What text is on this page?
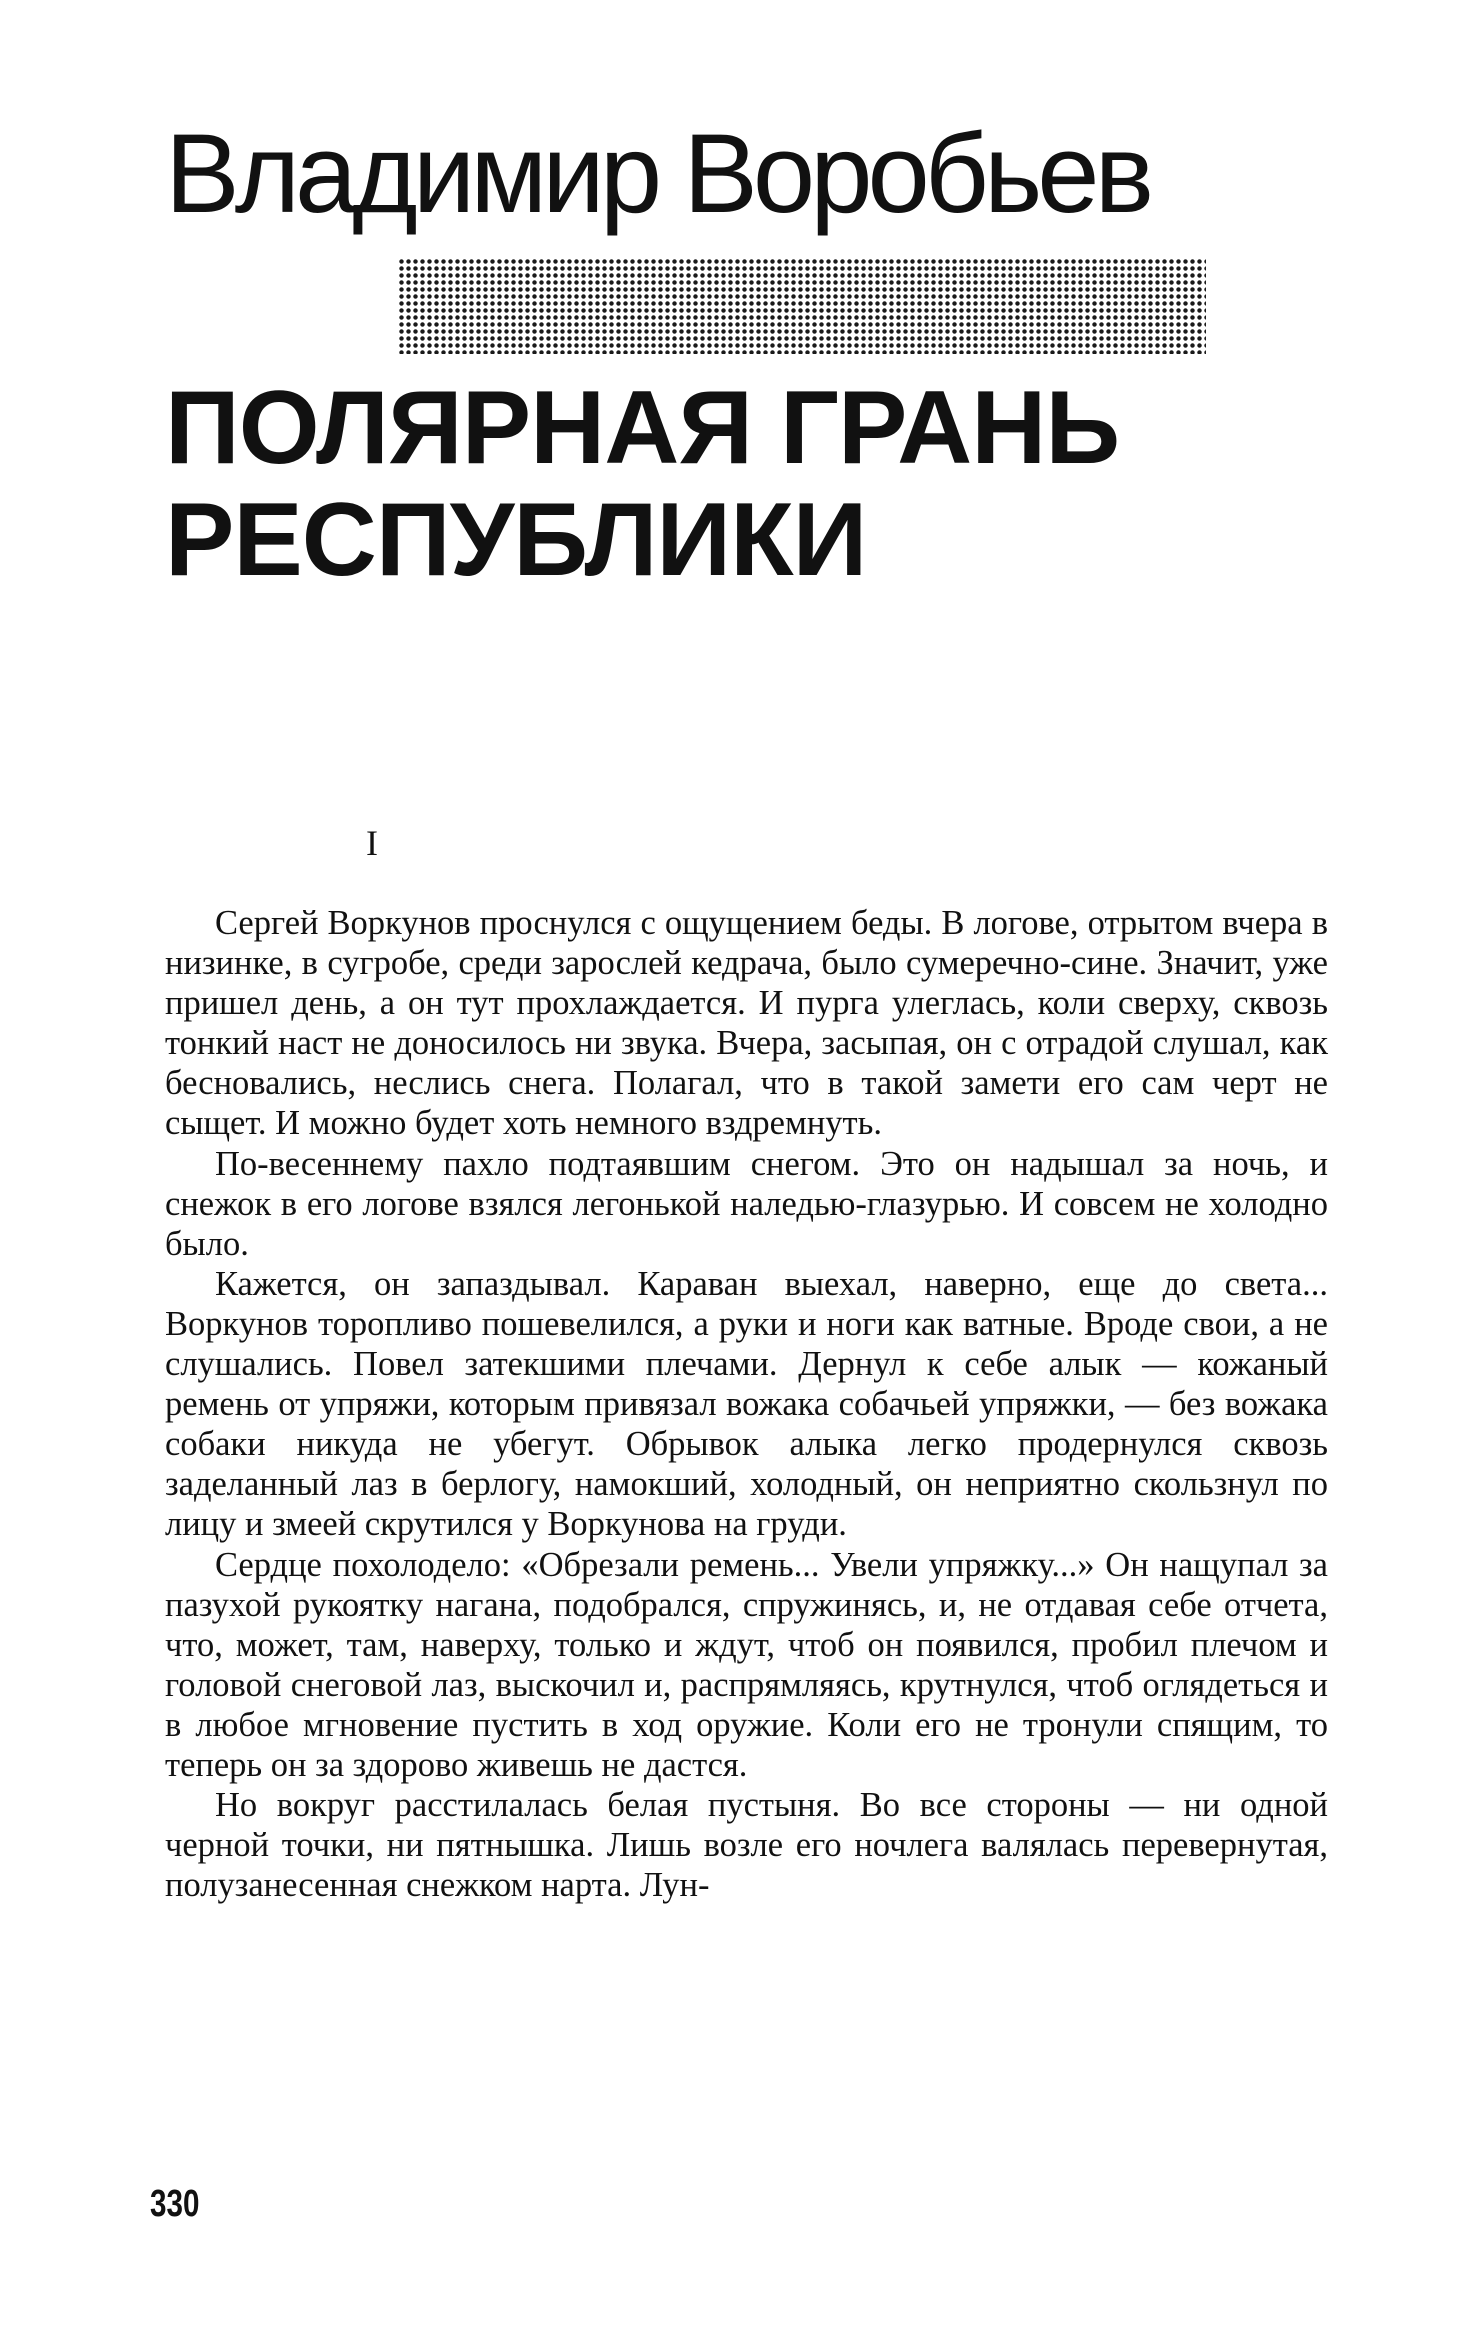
Владимир Воробьев
ПОЛЯРНАЯ ГРАНЬ
РЕСПУБЛИКИ
I

Сергей Воркунов проснулся с ощущением беды. В логове, отрытом вчера в низинке, в сугробе, среди зарослей кедрача, было сумеречно-сине. Значит, уже пришел день, а он тут прохлаждается. И пурга улеглась, коли сверху, сквозь тонкий наст не доносилось ни звука. Вчера, засыпая, он с отрадой слушал, как бесновались, неслись снега. Полагал, что в такой замети его сам черт не сыщет. И можно будет хоть немного вздремнуть.

По-весеннему пахло подтаявшим снегом. Это он надышал за ночь, и снежок в его логове взялся легонькой наледью-глазурью. И совсем не холодно было.

Кажется, он запаздывал. Караван выехал, наверно, еще до света... Воркунов торопливо пошевелился, а руки и ноги как ватные. Вроде свои, а не слушались. Повел затекшими плечами. Дернул к себе алык — кожаный ремень от упряжи, которым привязал вожака собачьей упряжки, — без вожака собаки никуда не убегут. Обрывок алыка легко продернулся сквозь заделанный лаз в берлогу, намокший, холодный, он неприятно скользнул по лицу и змеей скрутился у Воркунова на груди.

Сердце похолодело: «Обрезали ремень... Увели упряжку...» Он нащупал за пазухой рукоятку нагана, подобрался, спружинясь, и, не отдавая себе отчета, что, может, там, наверху, только и ждут, чтоб он появился, пробил плечом и головой снеговой лаз, выскочил и, распрямляясь, крутнулся, чтоб оглядеться и в любое мгновение пустить в ход оружие. Коли его не тронули спящим, то теперь он за здорово живешь не дастся.

Но вокруг расстилалась белая пустыня. Во все стороны — ни одной черной точки, ни пятнышка. Лишь возле его ночлега валялась перевернутая, полузанесенная снежком нарта. Лун-

330
